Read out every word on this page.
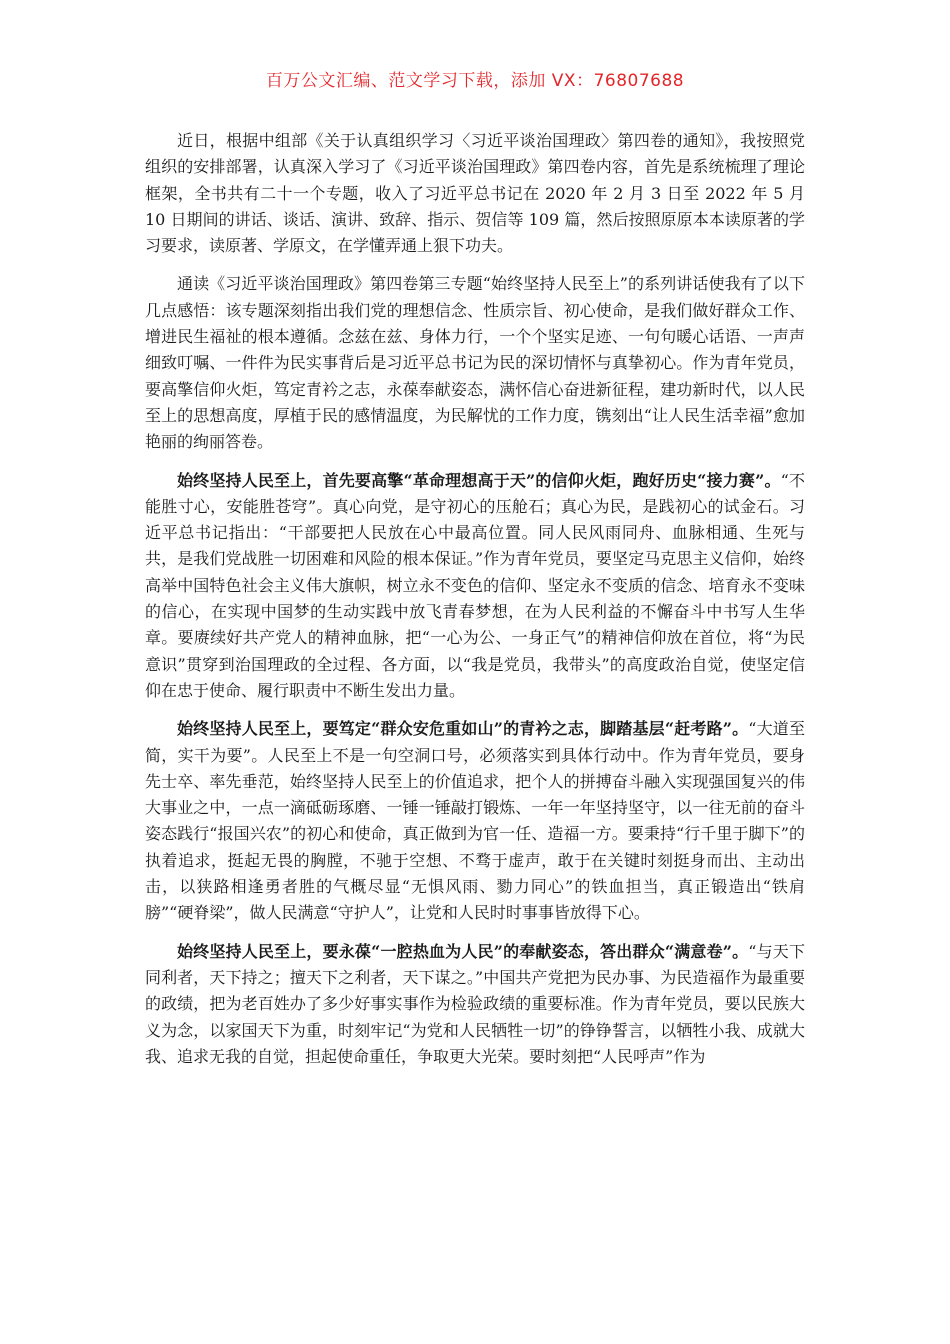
百万公文汇编、范文学习下载，添加 VX：76807688

近日，根据中组部《关于认真组织学习〈习近平谈治国理政〉第四卷的通知》，我按照党组织的安排部署，认真深入学习了《习近平谈治国理政》第四卷内容，首先是系统梳理了理论框架，全书共有二十一个专题，收入了习近平总书记在 2020 年 2 月 3 日至 2022 年 5 月 10 日期间的讲话、谈话、演讲、致辞、指示、贺信等 109 篇，然后按照原原本本读原著的学习要求，读原著、学原文，在学懂弄通上狠下功夫。

通读《习近平谈治国理政》第四卷第三专题“始终坚持人民至上”的系列讲话使我有了以下几点感悟：该专题深刻指出我们党的理想信念、性质宗旨、初心使命，是我们做好群众工作、增进民生福祉的根本遵循。念兹在兹、身体力行，一个个坚实足迹、一句句暖心话语、一声声细致叮嘱、一件件为民实事背后是习近平总书记为民的深切情怀与真挚初心。作为青年党员，要高擎信仰火炬，笃定青衿之志，永葆奉献姿态，满怀信心奋进新征程，建功新时代，以人民至上的思想高度，厚植于民的感情温度，为民解忧的工作力度，镌刻出“让人民生活幸福”愈加艳丽的绚丽答卷。

始终坚持人民至上，首先要高擎“革命理想高于天”的信仰火炬，跑好历史“接力赛”。“不能胜寸心，安能胜苍穹”。真心向党，是守初心的压舱石；真心为民，是践初心的试金石。习近平总书记指出：“干部要把人民放在心中最高位置。同人民风雨同舟、血脉相通、生死与共，是我们党战胜一切困难和风险的根本保证。”作为青年党员，要坚定马克思主义信仰，始终高举中国特色社会主义伟大旗帜，树立永不变色的信仰、坚定永不变质的信念、培育永不变味的信心，在实现中国梦的生动实践中放飞青春梦想，在为人民利益的不懈奋斗中书写人生华章。要赓续好共产党人的精神血脉，把“一心为公、一身正气”的精神信仰放在首位，将“为民意识”贯穿到治国理政的全过程、各方面，以“我是党员，我带头”的高度政治自觉，使坚定信仰在忠于使命、履行职责中不断生发出力量。

始终坚持人民至上，要笃定“群众安危重如山”的青衿之志，脚踏基层“赶考路”。“大道至简，实干为要”。人民至上不是一句空洞口号，必须落实到具体行动中。作为青年党员，要身先士卒、率先垂范，始终坚持人民至上的价值追求，把个人的拼搏奋斗融入实现强国复兴的伟大事业之中，一点一滴砥砺琢磨、一锤一锤敲打锻炼、一年一年坚持坚守，以一往无前的奋斗姿态践行“报国兴农”的初心和使命，真正做到为官一任、造福一方。要秉持“行千里于脚下”的执着追求，挺起无畏的胸膛，不驰于空想、不骛于虚声，敢于在关键时刻挺身而出、主动出击，以狭路相逢勇者胜的气概尽显“无惧风雨、勠力同心”的铁血担当，真正锻造出“铁肩膀”“硬脊梁”，做人民满意“守护人”，让党和人民时时事事皆放得下心。

始终坚持人民至上，要永葆“一腔热血为人民”的奉献姿态，答出群众“满意卷”。“与天下同利者，天下持之；擅天下之利者，天下谋之。”中国共产党把为民办事、为民造福作为最重要的政绩，把为老百姓办了多少好事实事作为检验政绩的重要标准。作为青年党员，要以民族大义为念，以家国天下为重，时刻牢记“为党和人民牺牲一切”的铮铮誓言，以牺牲小我、成就大我、追求无我的自觉，担起使命重任，争取更大光荣。要时刻把“人民呼声”作为
